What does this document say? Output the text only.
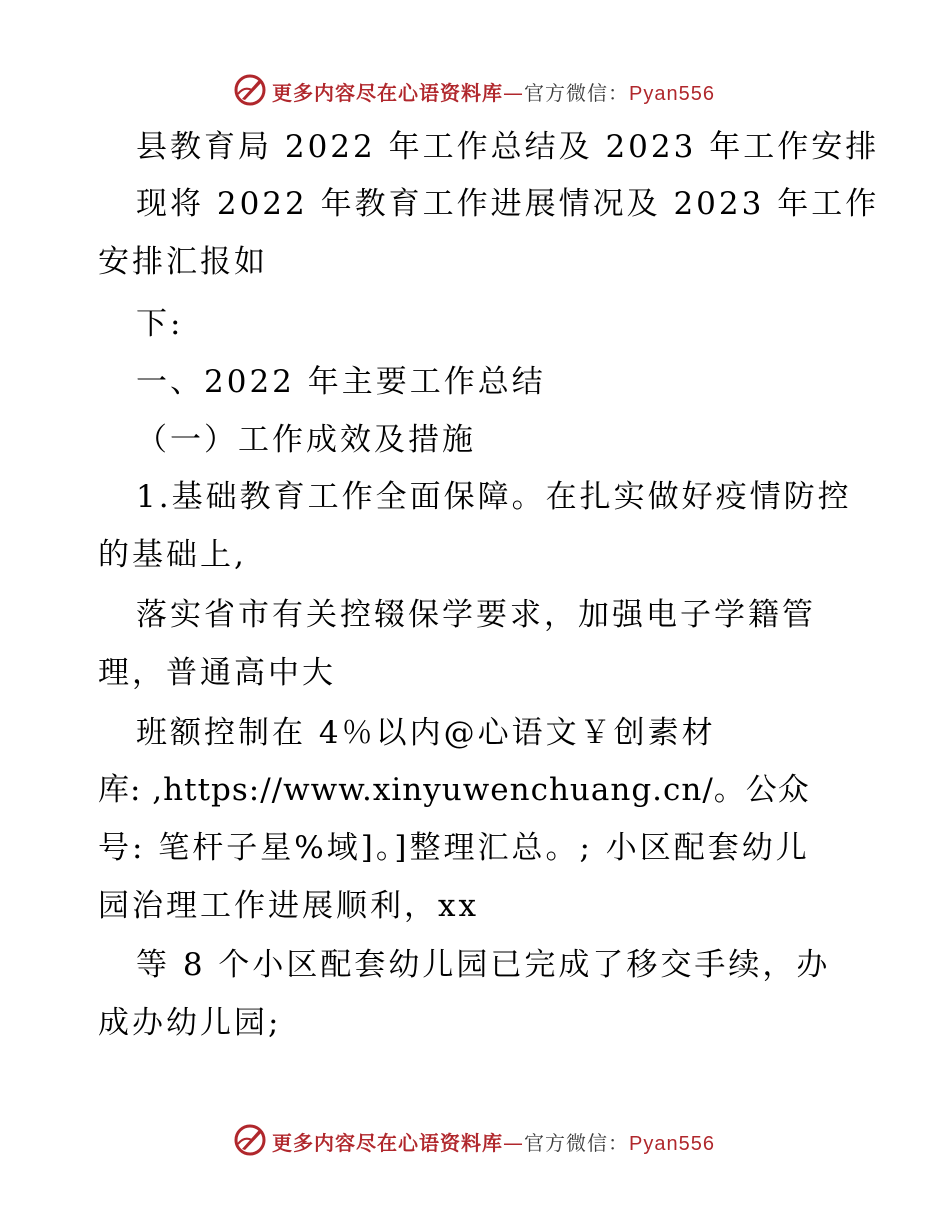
更多内容尽在心语资料库—官方微信：Pyan556
县教育局 2022 年工作总结及 2023 年工作安排
现将 2022 年教育工作进展情况及 2023 年工作
安排汇报如
下:
一、2022 年主要工作总结
（一）工作成效及措施
1.基础教育工作全面保障。在扎实做好疫情防控
的基础上,
落实省市有关控辍保学要求，加强电子学籍管
理，普通高中大
班额控制在 4％以内@心语文￥创素材
库: ,https://www.xinyuwenchuang.cn/。公众
号: 笔杆子星%域]。]整理汇总。; 小区配套幼儿
园治理工作进展顺利，xx
等 8 个小区配套幼儿园已完成了移交手续，办
成办幼儿园;
更多内容尽在心语资料库—官方微信：Pyan556
